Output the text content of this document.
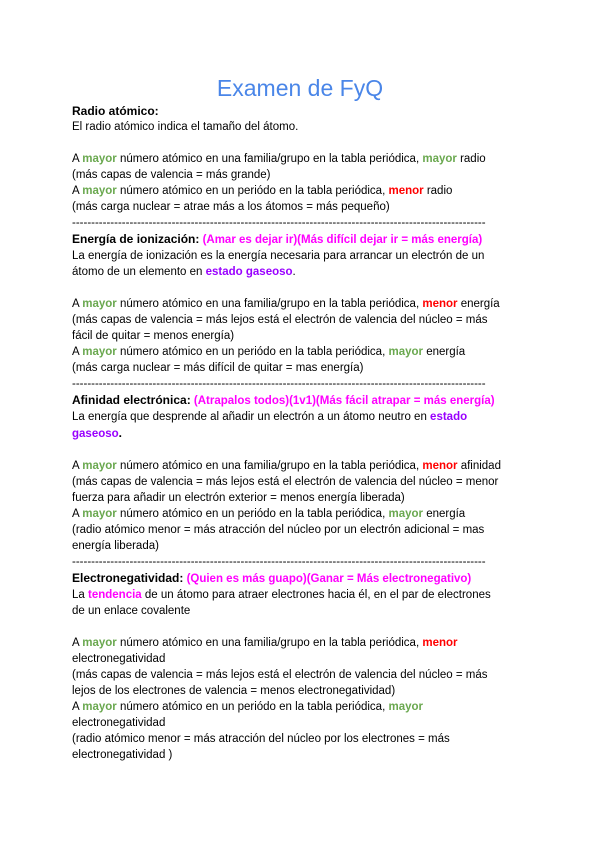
Examen de FyQ
Radio atómico:
El radio atómico indica el tamaño del átomo.
A mayor número atómico en una familia/grupo en la tabla periódica, mayor radio
(más capas de valencia = más grande)
A mayor número atómico en un periódo en la tabla periódica, menor radio
(más carga nuclear = atrae más a los átomos = más pequeño)
------------------------------------------------------------------------------------------------------------
Energía de ionización: (Amar es dejar ir)(Más difícil dejar ir = más energía)
La energía de ionización es la energía necesaria para arrancar un electrón de un
átomo de un elemento en estado gaseoso.
A mayor número atómico en una familia/grupo en la tabla periódica, menor energía
(más capas de valencia = más lejos está el electrón de valencia del núcleo = más
fácil de quitar = menos energía)
A mayor número atómico en un periódo en la tabla periódica, mayor energía
(más carga nuclear = más difícil de quitar = mas energía)
------------------------------------------------------------------------------------------------------------
Afinidad electrónica: (Atrapalos todos)(1v1)(Más fácil atrapar = más energía)
La energía que desprende al añadir un electrón a un átomo neutro en estado
gaseoso.
A mayor número atómico en una familia/grupo en la tabla periódica, menor afinidad
(más capas de valencia = más lejos está el electrón de valencia del núcleo = menor
fuerza para añadir un electrón exterior = menos energía liberada)
A mayor número atómico en un periódo en la tabla periódica, mayor energía
(radio atómico menor = más atracción del núcleo por un electrón adicional = mas
energía liberada)
------------------------------------------------------------------------------------------------------------
Electronegatividad: (Quien es más guapo)(Ganar = Más electronegativo)
La tendencia de un átomo para atraer electrones hacia él, en el par de electrones
de un enlace covalente
A mayor número atómico en una familia/grupo en la tabla periódica, menor
electronegatividad
(más capas de valencia = más lejos está el electrón de valencia del núcleo = más
lejos de los electrones de valencia = menos electronegatividad)
A mayor número atómico en un periódo en la tabla periódica, mayor
electronegatividad
(radio atómico menor = más atracción del núcleo por los electrones = más
electronegatividad )
